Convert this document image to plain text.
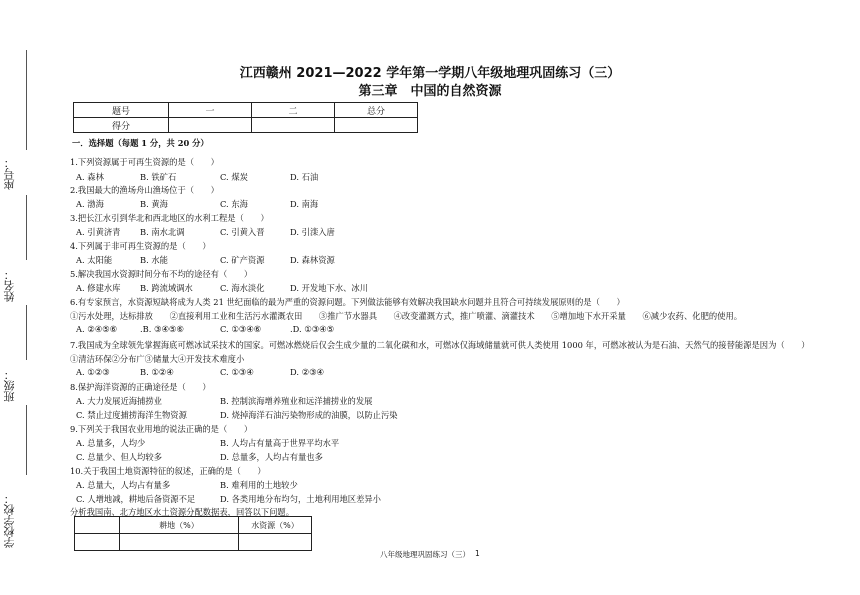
座号：
姓名：
班级：
学校学校：
江西赣州 2021—2022 学年第一学期八年级地理巩固练习（三）
第三章　中国的自然资源
题号	一	二	总分
得分			
一．选择题（每题 1 分，共 20 分）
1.下列资源属于可再生资源的是（　　）
A. 森林	B. 铁矿石	C. 煤炭	D. 石油
2.我国最大的渔场舟山渔场位于（　　）
A. 渤海	B. 黄海	C. 东海	D. 南海
3.把长江水引到华北和西北地区的水利工程是（　　）
A. 引黄济青 B. 南水北调	C. 引黄入晋	D. 引滦入唐
4.下列属于非可再生资源的是（　　）
A. 太阳能	B. 水能	C. 矿产资源	D. 森林资源
5.解决我国水资源时间分布不均的途径有（　　）
A. 修建水库 B. 跨流域调水	C. 海水淡化	D. 开发地下水、冰川
6.有专家预言，水资源短缺将成为人类 21 世纪面临的最为严重的资源问题。下列做法能够有效解决我国缺水问题并且符合可持续发展原则的是（　　）
①污水处理，达标排放　　②直接利用工业和生活污水灌溉农田　　③推广节水器具　　④改变灌溉方式，推广喷灌、滴灌技术　　⑤增加地下水开采量　　⑥减少农药、化肥的使用。
A. ②④⑤⑥	.B. ③④⑤⑥	C. ①③④⑥	.D. ①③④⑤
7.我国成为全球领先掌握海底可燃冰试采技术的国家。可燃冰燃烧后仅会生成少量的二氧化碳和水，可燃冰仅海域储量就可供人类使用 1000 年，可燃冰被认为是石油、天然气的接替能源是因为（　　）
①清洁环保②分布广③储量大④开发技术难度小
A. ①②③	B. ①②④	C. ①③④	D. ②③④
8.保护海洋资源的正确途径是（　　）
A. 大力发展近海捕捞业	B. 控制滨海增养殖业和远洋捕捞业的发展
C. 禁止过度捕捞海洋生物资源	D. 烧掉海洋石油污染物形成的油膜，以防止污染
9.下列关于我国农业用地的说法正确的是（　　）
A. 总量多，人均少	B. 人均占有量高于世界平均水平
C. 总量少、但人均较多	D. 总量多，人均占有量也多
10.关于我国土地资源特征的叙述，正确的是（　　）
A. 总量大，人均占有量多	B. 难利用的土地较少
C. 人增地减，耕地后备资源不足	D. 各类用地分布均匀，土地利用地区差异小
分析我国南、北方地区水土资源分配数据表，回答以下问题。
	耕地（%）	水资源（%）

八年级地理巩固练习（三） 1
